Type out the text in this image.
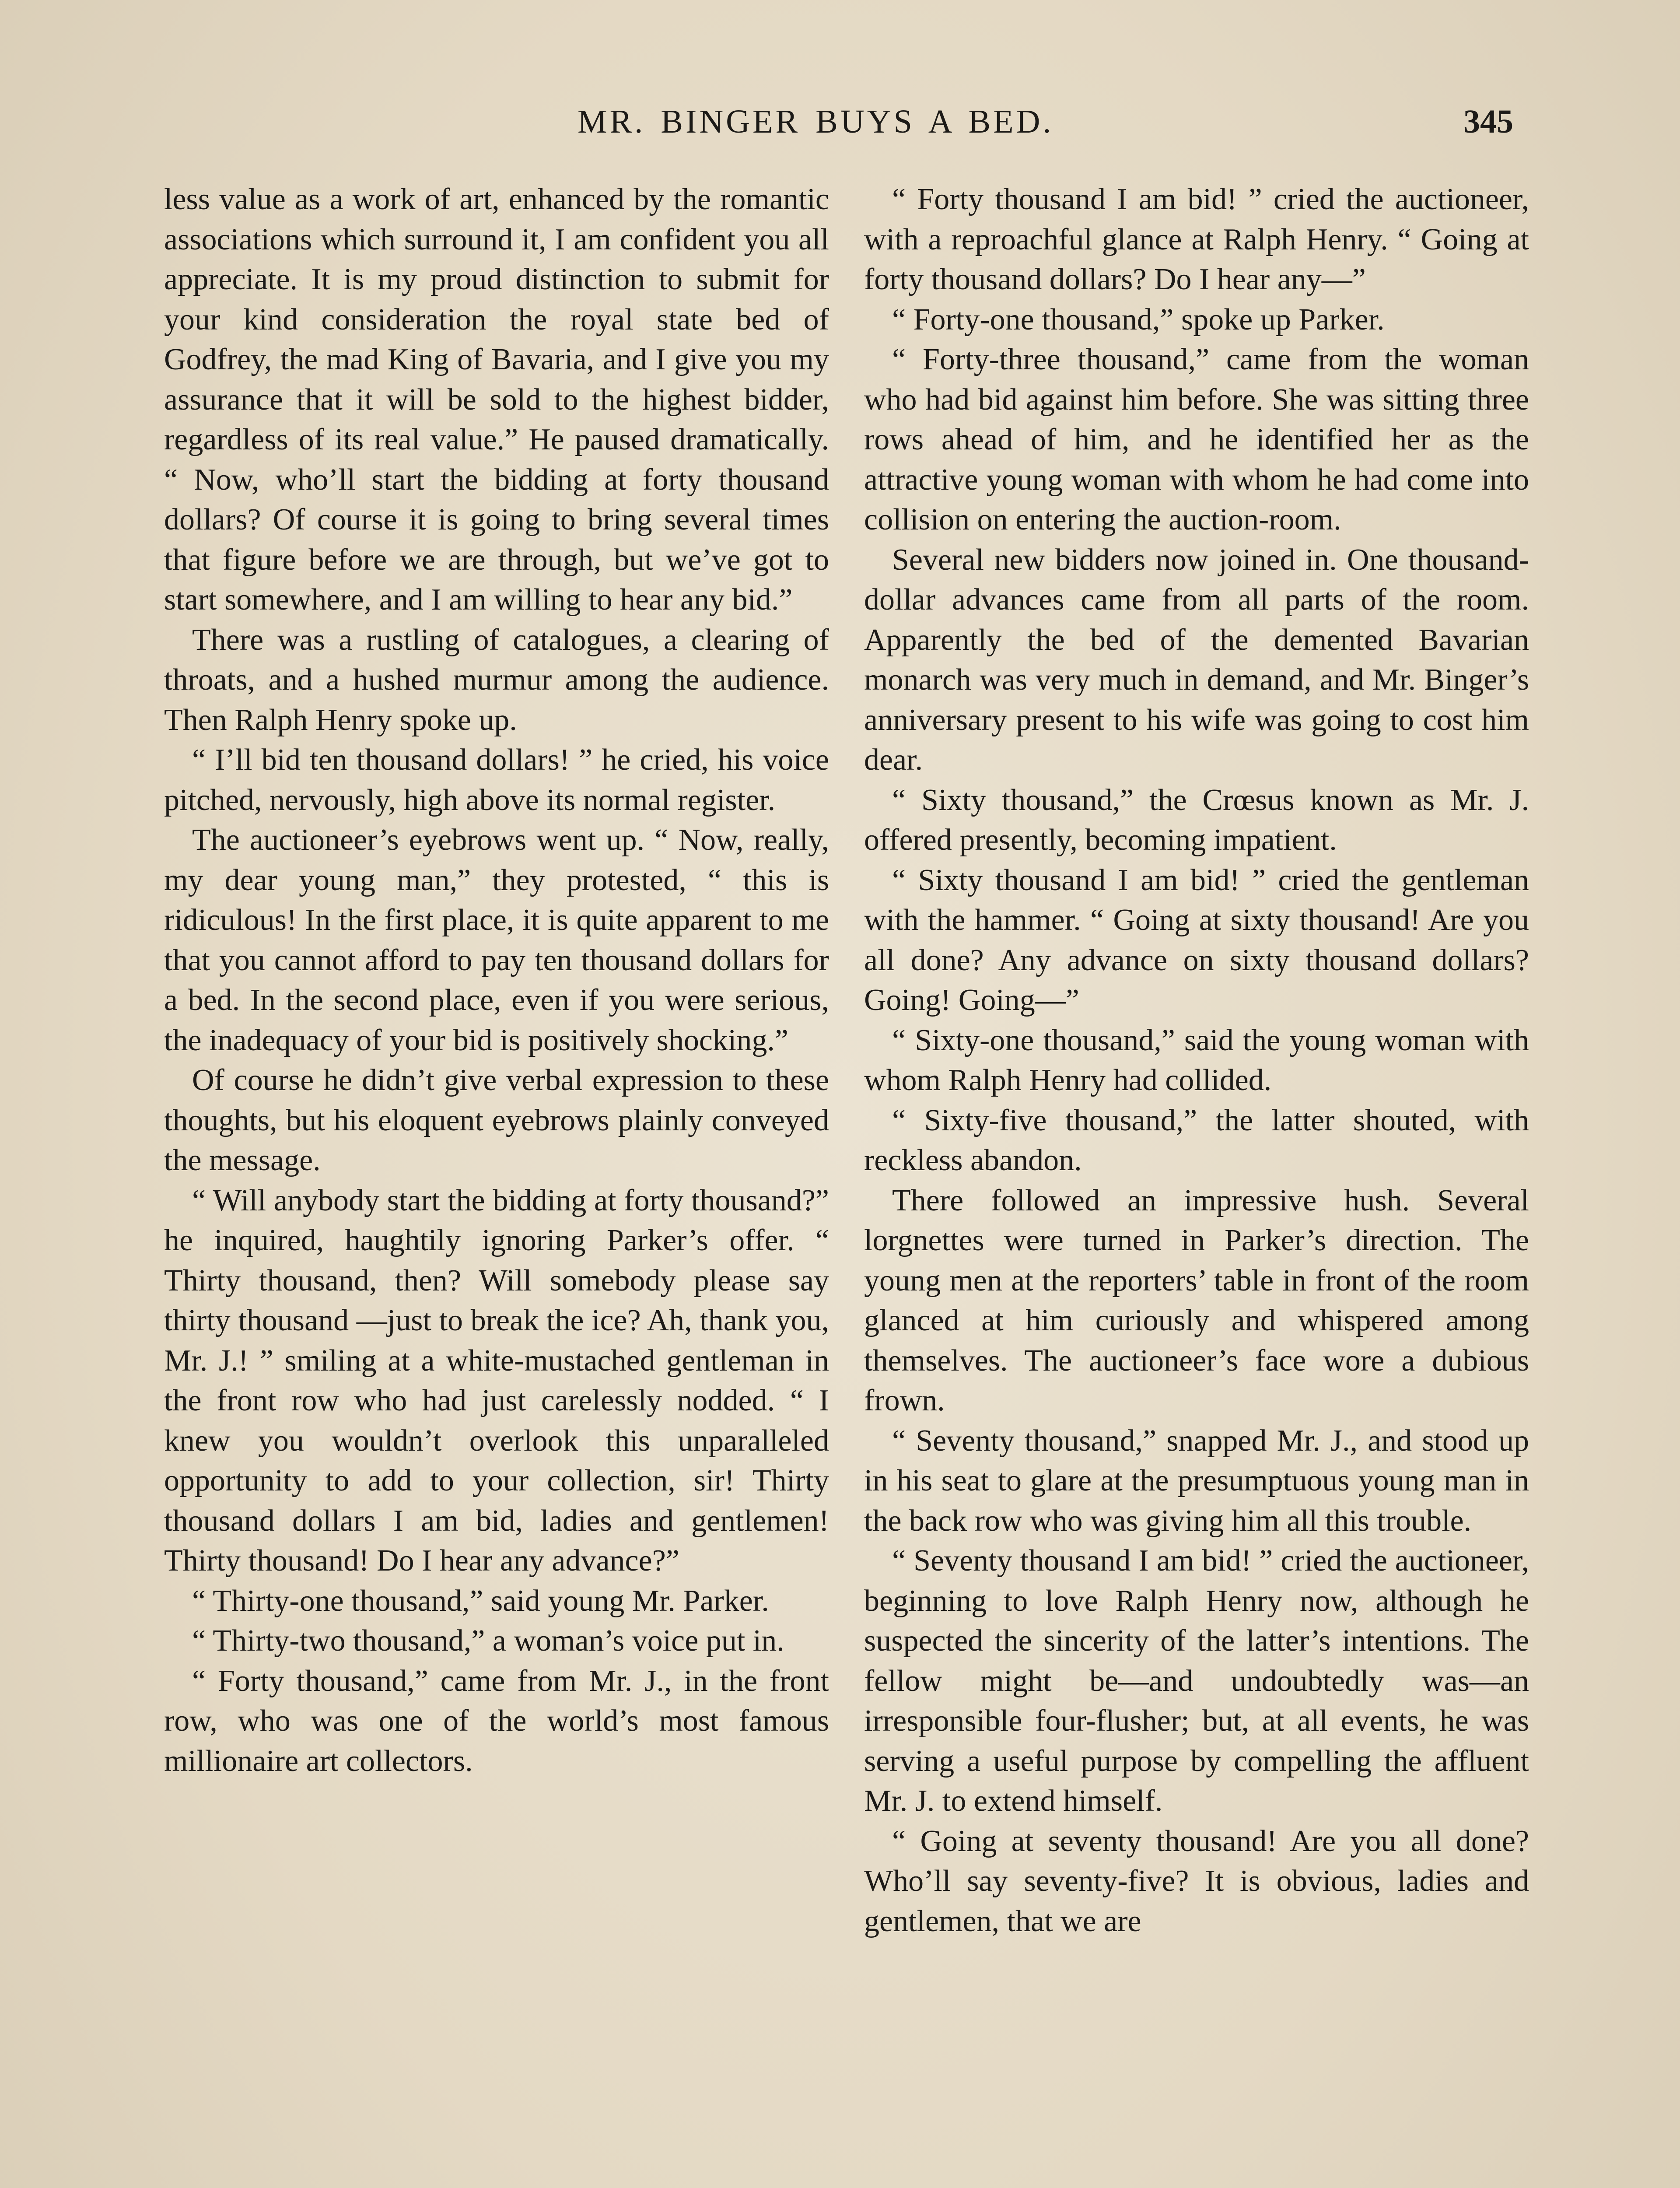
MR. BINGER BUYS A BED.	345

less value as a work of art, enhanced by the romantic associations which surround it, I am confident you all appreciate. It is my proud distinction to submit for your kind consideration the royal state bed of Godfrey, the mad King of Bavaria, and I give you my assurance that it will be sold to the highest bidder, regardless of its real value.” He paused dramatically. “ Now, who’ll start the bidding at forty thousand dollars? Of course it is going to bring several times that figure before we are through, but we’ve got to start somewhere, and I am willing to hear any bid.”

There was a rustling of catalogues, a clearing of throats, and a hushed murmur among the audience. Then Ralph Henry spoke up.

“ I’ll bid ten thousand dollars! ” he cried, his voice pitched, nervously, high above its normal register.

The auctioneer’s eyebrows went up. “ Now, really, my dear young man,” they protested, “ this is ridiculous! In the first place, it is quite apparent to me that you cannot afford to pay ten thousand dollars for a bed. In the second place, even if you were serious, the inadequacy of your bid is positively shocking.”

Of course he didn’t give verbal expression to these thoughts, but his eloquent eyebrows plainly conveyed the message.

“ Will anybody start the bidding at forty thousand?” he inquired, haughtily ignoring Parker’s offer. “ Thirty thousand, then? Will somebody please say thirty thousand —just to break the ice? Ah, thank you, Mr. J.! ” smiling at a white-mustached gentleman in the front row who had just carelessly nodded. “ I knew you wouldn’t overlook this unparalleled opportunity to add to your collection, sir! Thirty thousand dollars I am bid, ladies and gentlemen! Thirty thousand! Do I hear any advance?”

“ Thirty-one thousand,” said young Mr. Parker.

“ Thirty-two thousand,” a woman’s voice put in.

“ Forty thousand,” came from Mr. J., in the front row, who was one of the world’s most famous millionaire art collectors.

“ Forty thousand I am bid! ” cried the auctioneer, with a reproachful glance at Ralph Henry. “ Going at forty thousand dollars? Do I hear any—”

“ Forty-one thousand,” spoke up Parker.

“ Forty-three thousand,” came from the woman who had bid against him before. She was sitting three rows ahead of him, and he identified her as the attractive young woman with whom he had come into collision on entering the auction-room.

Several new bidders now joined in. One thousand-dollar advances came from all parts of the room. Apparently the bed of the demented Bavarian monarch was very much in demand, and Mr. Binger’s anniversary present to his wife was going to cost him dear.

“ Sixty thousand,” the Crœsus known as Mr. J. offered presently, becoming impatient.

“ Sixty thousand I am bid! ” cried the gentleman with the hammer. “ Going at sixty thousand! Are you all done? Any advance on sixty thousand dollars? Going! Going—”

“ Sixty-one thousand,” said the young woman with whom Ralph Henry had collided.

“ Sixty-five thousand,” the latter shouted, with reckless abandon.

There followed an impressive hush. Several lorgnettes were turned in Parker’s direction. The young men at the reporters’ table in front of the room glanced at him curiously and whispered among themselves. The auctioneer’s face wore a dubious frown.

“ Seventy thousand,” snapped Mr. J., and stood up in his seat to glare at the presumptuous young man in the back row who was giving him all this trouble.

“ Seventy thousand I am bid! ” cried the auctioneer, beginning to love Ralph Henry now, although he suspected the sincerity of the latter’s intentions. The fellow might be—and undoubtedly was—an irresponsible four-flusher; but, at all events, he was serving a useful purpose by compelling the affluent Mr. J. to extend himself.

“ Going at seventy thousand! Are you all done? Who’ll say seventy-five? It is obvious, ladies and gentlemen, that we are
